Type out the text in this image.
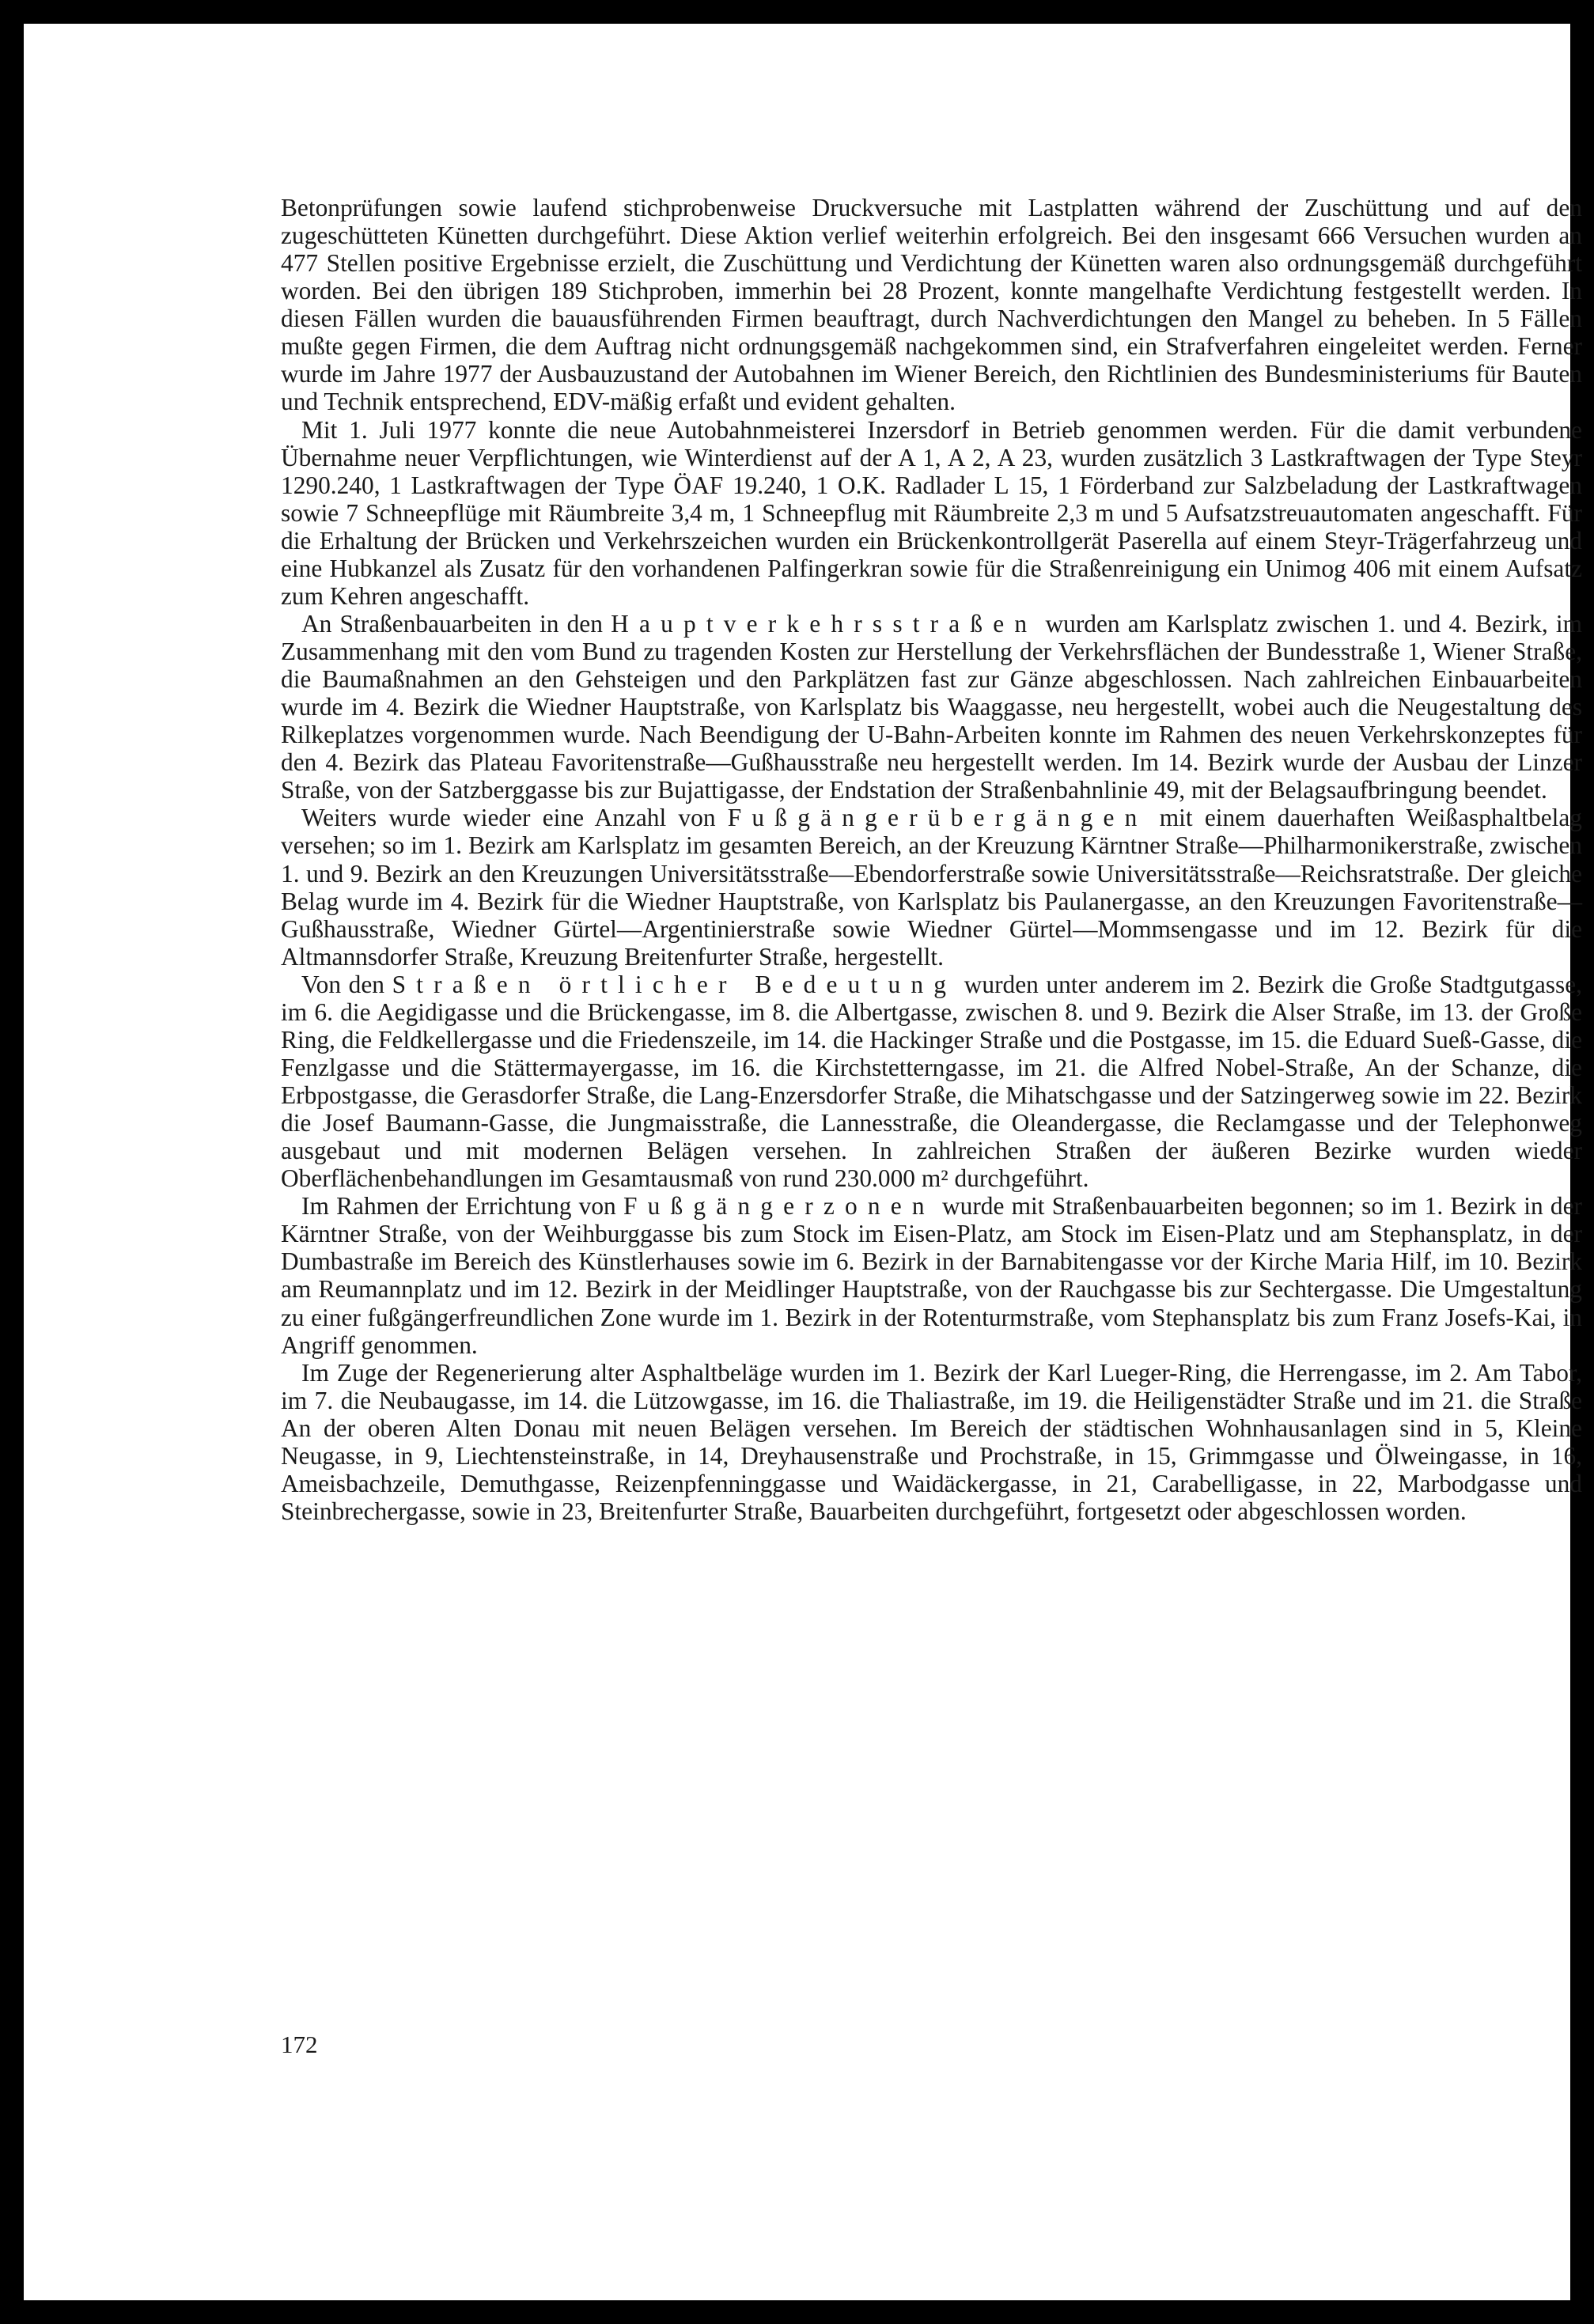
Betonprüfungen sowie laufend stichprobenweise Druckversuche mit Lastplatten während der Zuschüttung und auf den zugeschütteten Künetten durchgeführt. Diese Aktion verlief weiterhin erfolgreich. Bei den insgesamt 666 Versuchen wurden an 477 Stellen positive Ergebnisse erzielt, die Zuschüttung und Verdichtung der Künetten waren also ordnungsgemäß durchgeführt worden. Bei den übrigen 189 Stichproben, immerhin bei 28 Prozent, konnte mangelhafte Verdichtung festgestellt werden. In diesen Fällen wurden die bauausführenden Firmen beauftragt, durch Nachverdichtungen den Mangel zu beheben. In 5 Fällen mußte gegen Firmen, die dem Auftrag nicht ordnungsgemäß nachgekommen sind, ein Strafverfahren eingeleitet werden. Ferner wurde im Jahre 1977 der Ausbauzustand der Autobahnen im Wiener Bereich, den Richtlinien des Bundesministeriums für Bauten und Technik entsprechend, EDV-mäßig erfaßt und evident gehalten.

Mit 1. Juli 1977 konnte die neue Autobahnmeisterei Inzersdorf in Betrieb genommen werden. Für die damit verbundene Übernahme neuer Verpflichtungen, wie Winterdienst auf der A 1, A 2, A 23, wurden zusätzlich 3 Lastkraftwagen der Type Steyr 1290.240, 1 Lastkraftwagen der Type ÖAF 19.240, 1 O.K. Radlader L 15, 1 Förderband zur Salzbeladung der Lastkraftwagen sowie 7 Schneepflüge mit Räumbreite 3,4 m, 1 Schneepflug mit Räumbreite 2,3 m und 5 Aufsatzstreuautomaten angeschafft. Für die Erhaltung der Brücken und Verkehrszeichen wurden ein Brückenkontrollgerät Paserella auf einem Steyr-Trägerfahrzeug und eine Hubkanzel als Zusatz für den vorhandenen Palfingerkran sowie für die Straßenreinigung ein Unimog 406 mit einem Aufsatz zum Kehren angeschafft.

An Straßenbauarbeiten in den Hauptverkehrsstraßen wurden am Karlsplatz zwischen 1. und 4. Bezirk, im Zusammenhang mit den vom Bund zu tragenden Kosten zur Herstellung der Verkehrsflächen der Bundesstraße 1, Wiener Straße, die Baumaßnahmen an den Gehsteigen und den Parkplätzen fast zur Gänze abgeschlossen. Nach zahlreichen Einbauarbeiten wurde im 4. Bezirk die Wiedner Hauptstraße, von Karlsplatz bis Waaggasse, neu hergestellt, wobei auch die Neugestaltung des Rilkeplatzes vorgenommen wurde. Nach Beendigung der U-Bahn-Arbeiten konnte im Rahmen des neuen Verkehrskonzeptes für den 4. Bezirk das Plateau Favoritenstraße—Gußhausstraße neu hergestellt werden. Im 14. Bezirk wurde der Ausbau der Linzer Straße, von der Satzberggasse bis zur Bujattigasse, der Endstation der Straßenbahnlinie 49, mit der Belagsaufbringung beendet.

Weiters wurde wieder eine Anzahl von Fußgängerübergängen mit einem dauerhaften Weißasphaltbelag versehen; so im 1. Bezirk am Karlsplatz im gesamten Bereich, an der Kreuzung Kärntner Straße—Philharmonikerstraße, zwischen 1. und 9. Bezirk an den Kreuzungen Universitätsstraße—Ebendorferstraße sowie Universitätsstraße—Reichsratstraße. Der gleiche Belag wurde im 4. Bezirk für die Wiedner Hauptstraße, von Karlsplatz bis Paulanergasse, an den Kreuzungen Favoritenstraße—Gußhausstraße, Wiedner Gürtel—Argentinierstraße sowie Wiedner Gürtel—Mommsengasse und im 12. Bezirk für die Altmannsdorfer Straße, Kreuzung Breitenfurter Straße, hergestellt.

Von den Straßen örtlicher Bedeutung wurden unter anderem im 2. Bezirk die Große Stadtgutgasse, im 6. die Aegidigasse und die Brückengasse, im 8. die Albertgasse, zwischen 8. und 9. Bezirk die Alser Straße, im 13. der Große Ring, die Feldkellergasse und die Friedenszeile, im 14. die Hackinger Straße und die Postgasse, im 15. die Eduard Sueß-Gasse, die Fenzlgasse und die Stättermayergasse, im 16. die Kirchstetterngasse, im 21. die Alfred Nobel-Straße, An der Schanze, die Erbpostgasse, die Gerasdorfer Straße, die Lang-Enzersdorfer Straße, die Mihatschgasse und der Satzingerweg sowie im 22. Bezirk die Josef Baumann-Gasse, die Jungmaisstraße, die Lannesstraße, die Oleandergasse, die Reclamgasse und der Telephonweg ausgebaut und mit modernen Belägen versehen. In zahlreichen Straßen der äußeren Bezirke wurden wieder Oberflächenbehandlungen im Gesamtausmaß von rund 230.000 m² durchgeführt.

Im Rahmen der Errichtung von Fußgängerzonen wurde mit Straßenbauarbeiten begonnen; so im 1. Bezirk in der Kärntner Straße, von der Weihburggasse bis zum Stock im Eisen-Platz, am Stock im Eisen-Platz und am Stephansplatz, in der Dumbastraße im Bereich des Künstlerhauses sowie im 6. Bezirk in der Barnabitengasse vor der Kirche Maria Hilf, im 10. Bezirk am Reumannplatz und im 12. Bezirk in der Meidlinger Hauptstraße, von der Rauchgasse bis zur Sechtergasse. Die Umgestaltung zu einer fußgängerfreundlichen Zone wurde im 1. Bezirk in der Rotenturmstraße, vom Stephansplatz bis zum Franz Josefs-Kai, in Angriff genommen.

Im Zuge der Regenerierung alter Asphaltbeläge wurden im 1. Bezirk der Karl Lueger-Ring, die Herrengasse, im 2. Am Tabor, im 7. die Neubaugasse, im 14. die Lützowgasse, im 16. die Thaliastraße, im 19. die Heiligenstädter Straße und im 21. die Straße An der oberen Alten Donau mit neuen Belägen versehen. Im Bereich der städtischen Wohnhausanlagen sind in 5, Kleine Neugasse, in 9, Liechtensteinstraße, in 14, Dreyhausenstraße und Prochstraße, in 15, Grimmgasse und Ölweingasse, in 16, Ameisbachzeile, Demuthgasse, Reizenpfenninggasse und Waidäckergasse, in 21, Carabelligasse, in 22, Marbodgasse und Steinbrechergasse, sowie in 23, Breitenfurter Straße, Bauarbeiten durchgeführt, fortgesetzt oder abgeschlossen worden.

172
